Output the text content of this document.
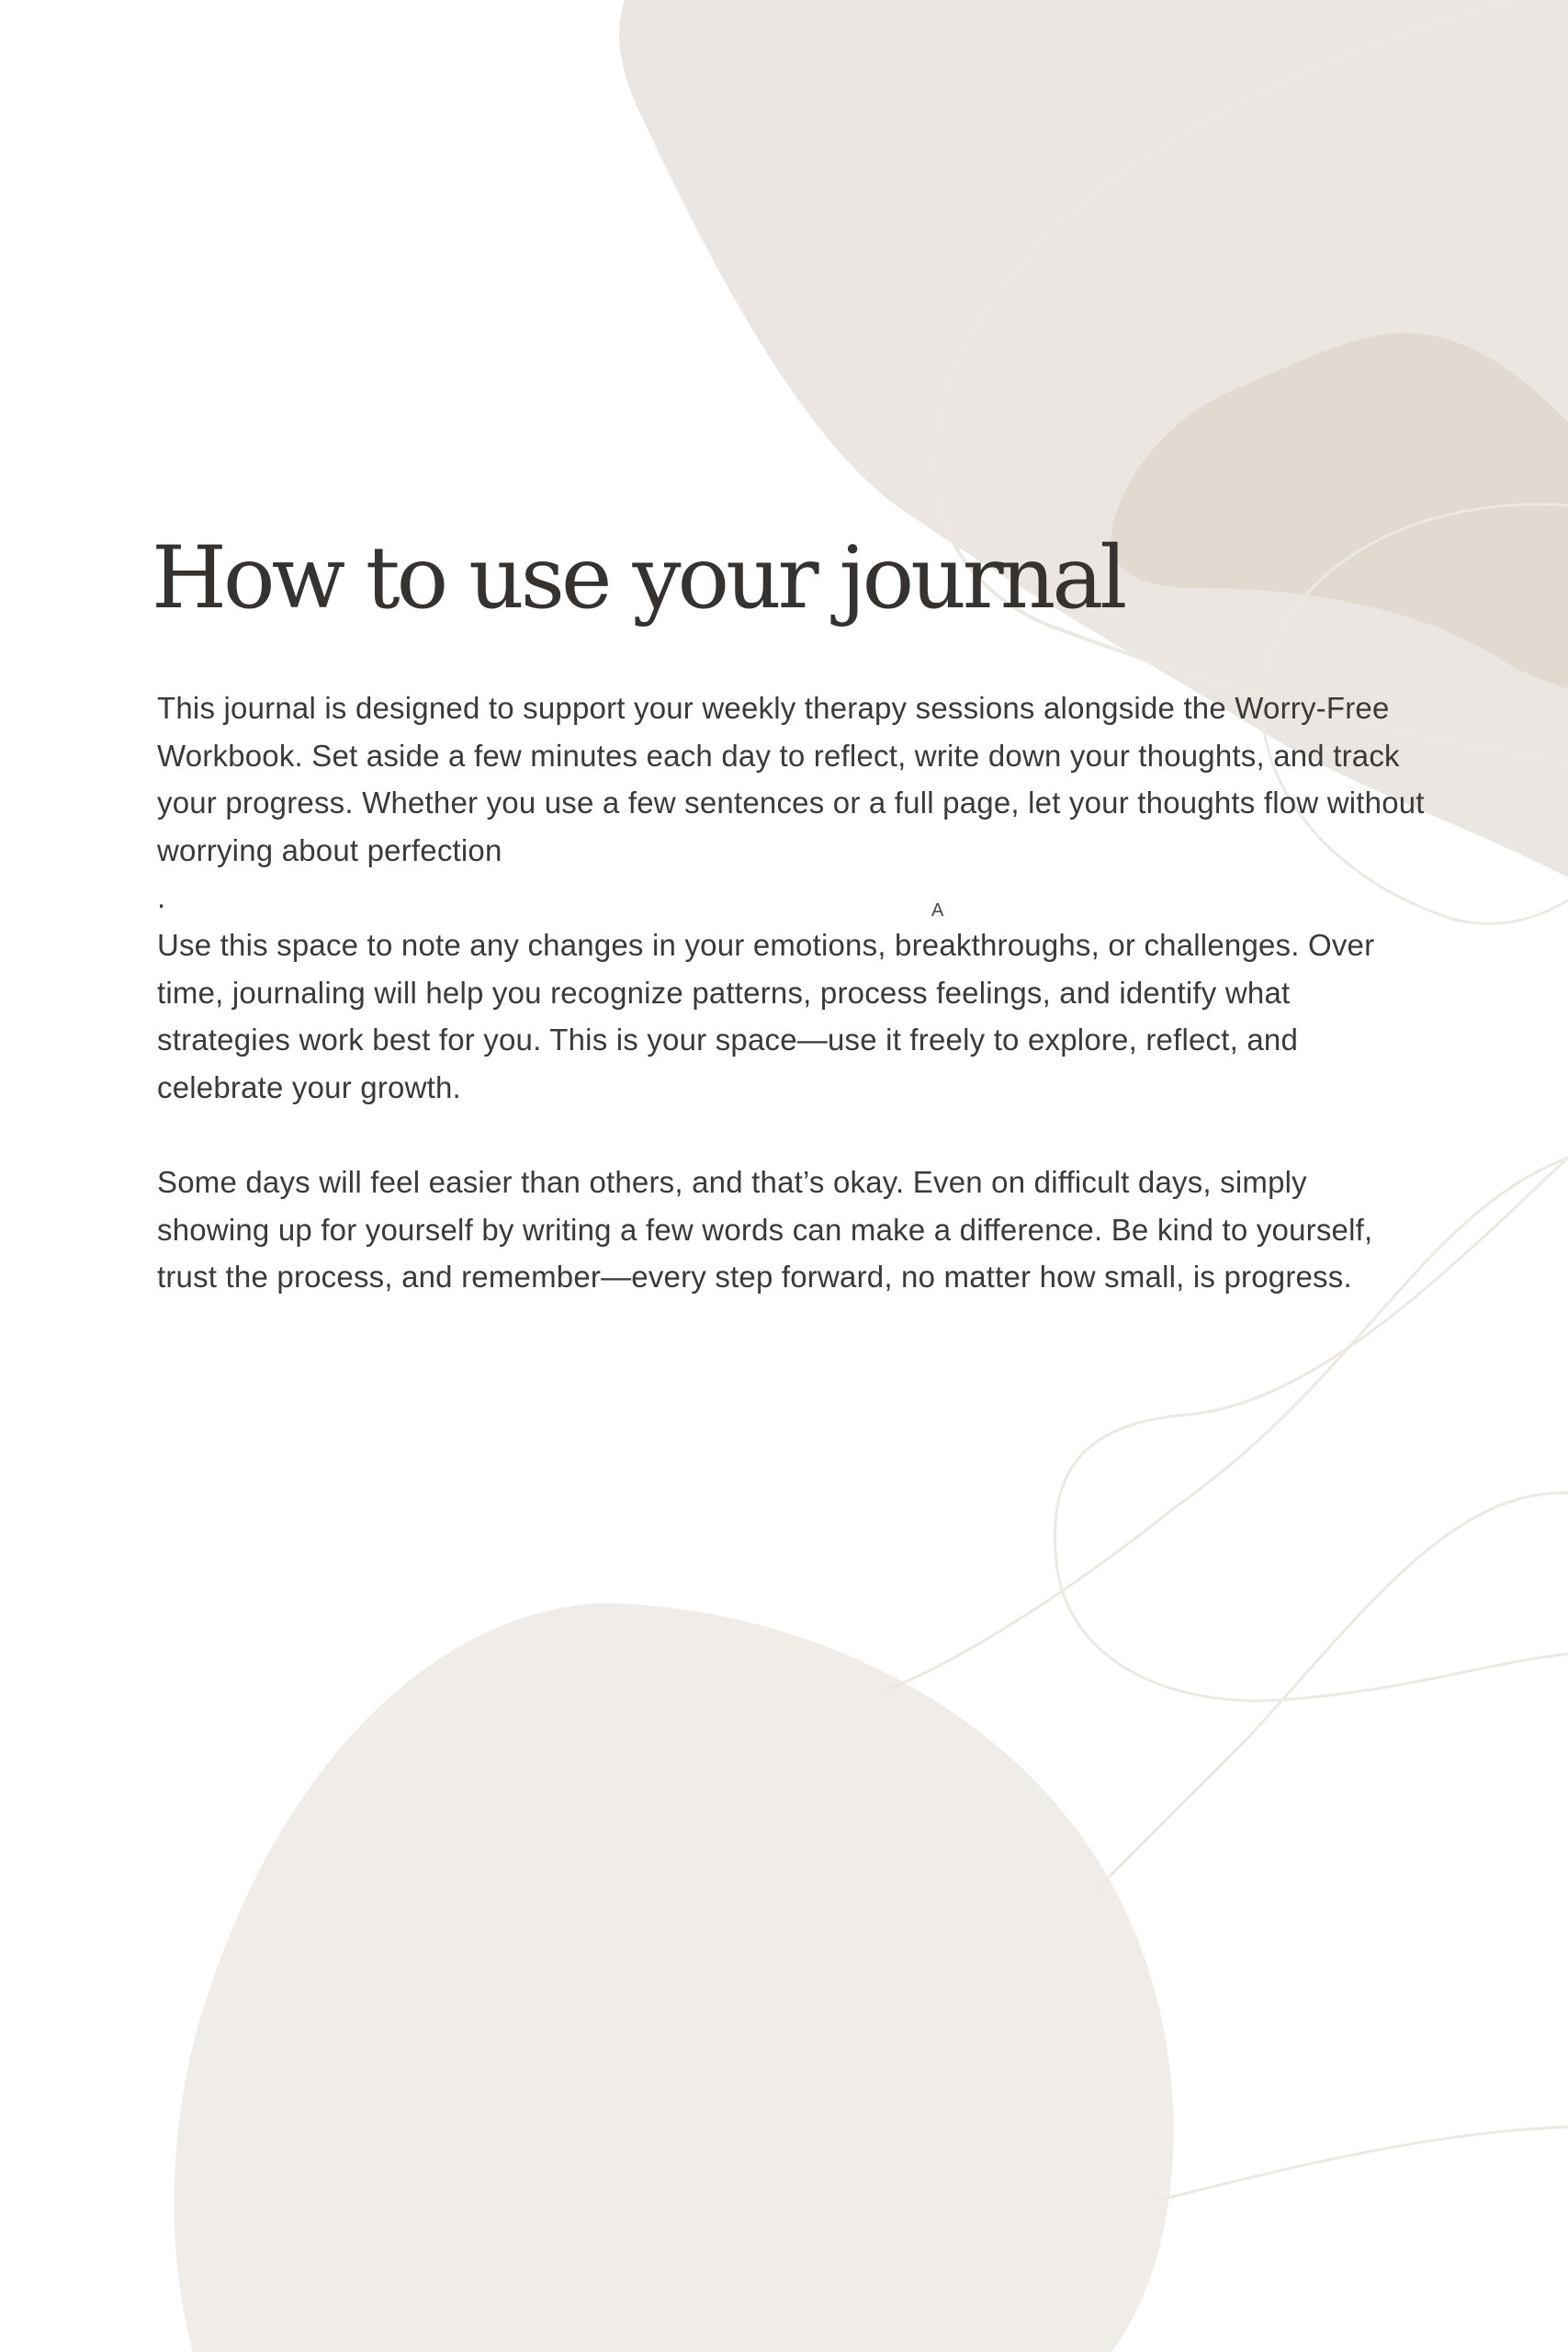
How to use your journal

This journal is designed to support your weekly therapy sessions alongside the Worry-Free Workbook. Set aside a few minutes each day to reflect, write down your thoughts, and track your progress. Whether you use a few sentences or a full page, let your thoughts flow without worrying about perfection

.

Use this space to note any changes in your emotions, breakthroughs, or challenges. Over time, journaling will help you recognize patterns, process feelings, and identify what strategies work best for you. This is your space—use it freely to explore, reflect, and celebrate your growth.

Some days will feel easier than others, and that’s okay. Even on difficult days, simply showing up for yourself by writing a few words can make a difference. Be kind to yourself, trust the process, and remember—every step forward, no matter how small, is progress.

A
